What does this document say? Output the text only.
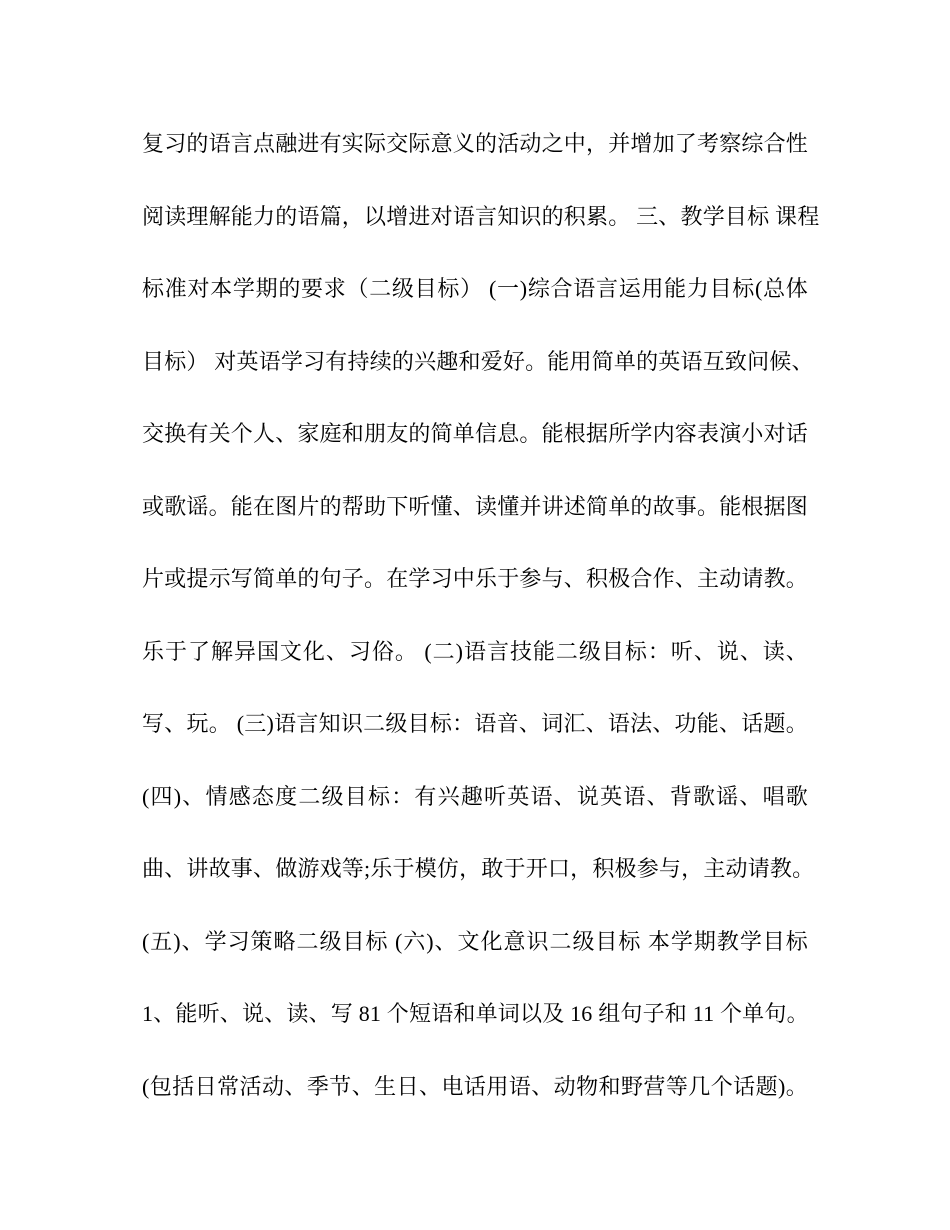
复习的语言点融进有实际交际意义的活动之中，并增加了考察综合性
阅读理解能力的语篇，以增进对语言知识的积累。 三、教学目标 课程
标准对本学期的要求（二级目标） (一)综合语言运用能力目标(总体
目标） 对英语学习有持续的兴趣和爱好。能用简单的英语互致问候、
交换有关个人、家庭和朋友的简单信息。能根据所学内容表演小对话
或歌谣。能在图片的帮助下听懂、读懂并讲述简单的故事。能根据图
片或提示写简单的句子。在学习中乐于参与、积极合作、主动请教。
乐于了解异国文化、习俗。 (二)语言技能二级目标：听、说、读、
写、玩。 (三)语言知识二级目标：语音、词汇、语法、功能、话题。
(四)、情感态度二级目标：有兴趣听英语、说英语、背歌谣、唱歌
曲、讲故事、做游戏等;乐于模仿，敢于开口，积极参与，主动请教。
(五)、学习策略二级目标 (六)、文化意识二级目标 本学期教学目标
1、能听、说、读、写 81 个短语和单词以及 16 组句子和 11 个单句。
(包括日常活动、季节、生日、电话用语、动物和野营等几个话题)。
